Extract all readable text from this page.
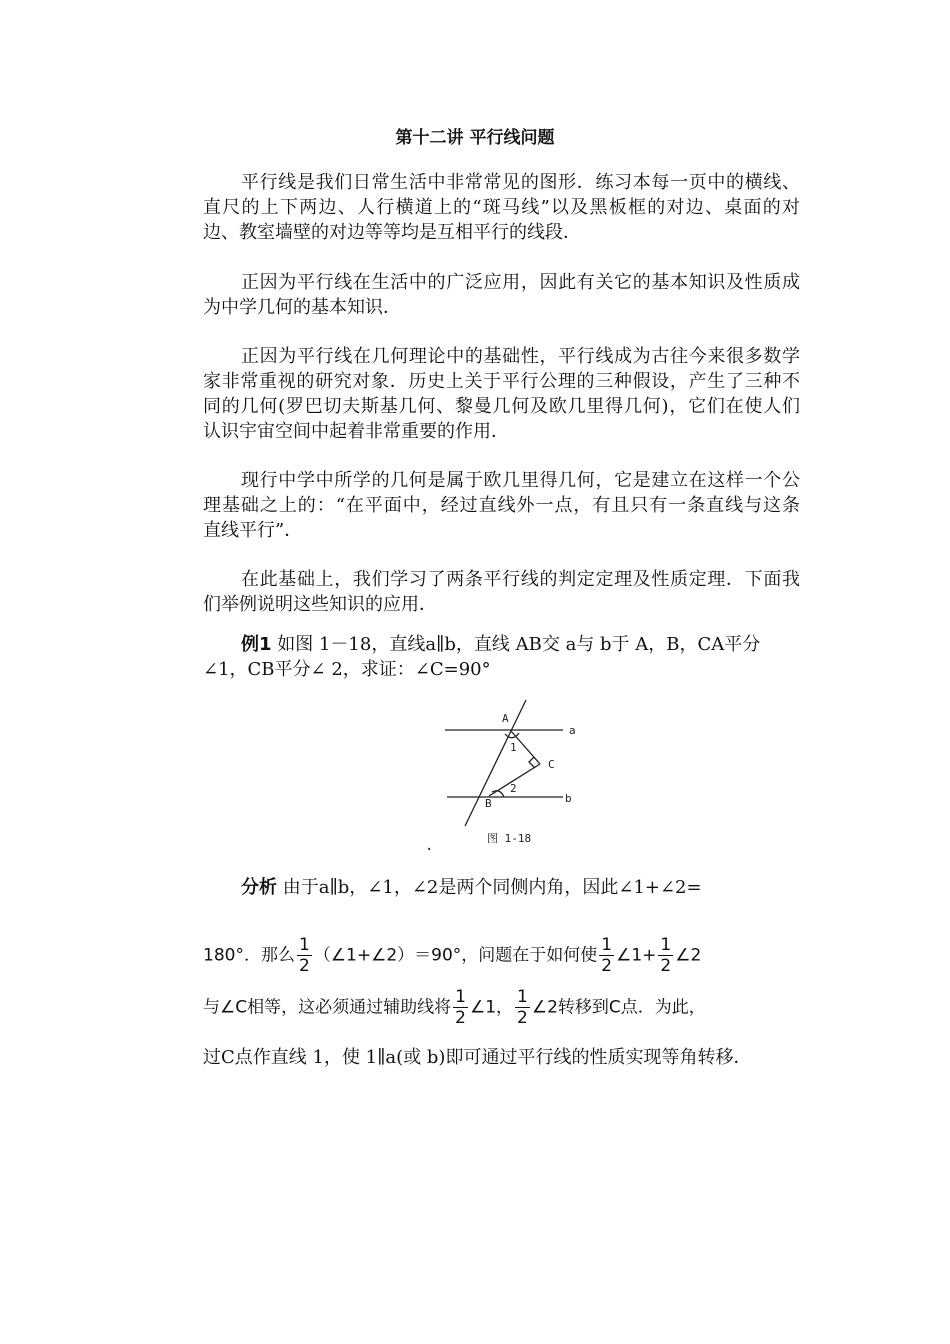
第十二讲 平行线问题
平行线是我们日常生活中非常常见的图形．练习本每一页中的横线、
直尺的上下两边、人行横道上的“斑马线”以及黑板框的对边、桌面的对
边、教室墙壁的对边等等均是互相平行的线段．
正因为平行线在生活中的广泛应用，因此有关它的基本知识及性质成
为中学几何的基本知识．
正因为平行线在几何理论中的基础性，平行线成为古往今来很多数学
家非常重视的研究对象．历史上关于平行公理的三种假设，产生了三种不
同的几何(罗巴切夫斯基几何、黎曼几何及欧几里得几何)，它们在使人们
认识宇宙空间中起着非常重要的作用．
现行中学中所学的几何是属于欧几里得几何，它是建立在这样一个公
理基础之上的：“在平面中，经过直线外一点，有且只有一条直线与这条
直线平行”．
在此基础上，我们学习了两条平行线的判定定理及性质定理．下面我
们举例说明这些知识的应用．
例1 如图 1－18，直线a∥b，直线 AB交 a与 b于 A，B，CA平分
∠1，CB平分∠ 2，求证：∠C=90°
A
B
C
a
b
1
2
图 1-18
.
分析 由于a∥b，∠1，∠2是两个同侧内角，因此∠1+∠2=
180°．那么 $\frac{1}{2}$ （∠1+∠2）＝90°，问题在于如何使 $\frac{1}{2}$ ∠1+ $\frac{1}{2}$ ∠2
与∠C相等，这必须通过辅助线将 $\frac{1}{2}$ ∠1， $\frac{1}{2}$ ∠2转移到C点．为此，
过C点作直线 1，使 1∥a(或 b)即可通过平行线的性质实现等角转移．
